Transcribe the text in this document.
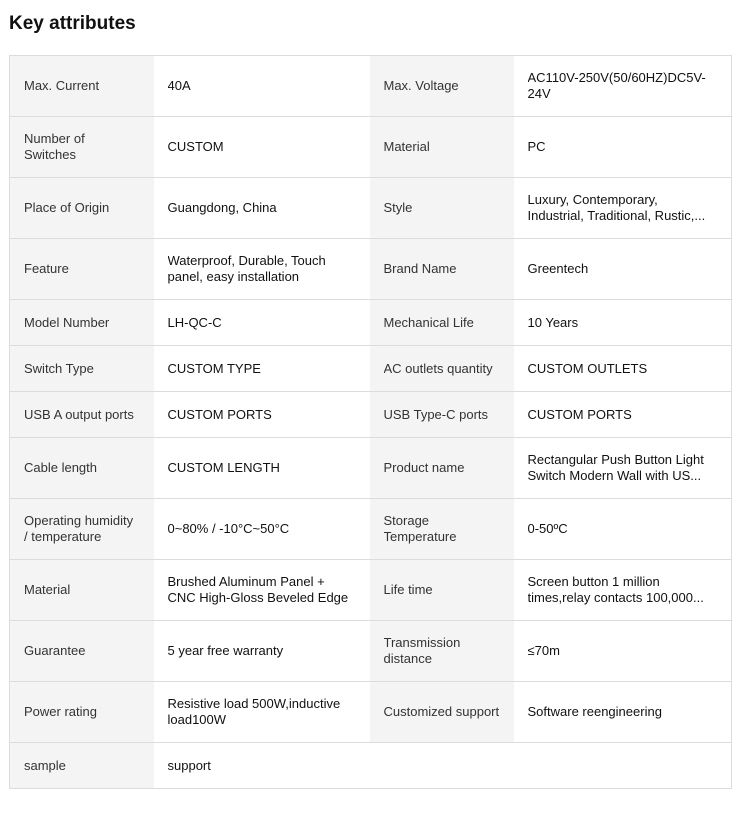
Key attributes
Max. Current	40A	Max. Voltage	AC110V-250V(50/60HZ)DC5V-24V

Number of Switches	CUSTOM	Material	PC

Place of Origin	Guangdong, China	Style	Luxury, Contemporary, Industrial, Traditional, Rustic,...

Feature	Waterproof, Durable, Touch panel, easy installation	Brand Name	Greentech

Model Number	LH-QC-C	Mechanical Life	10 Years

Switch Type	CUSTOM TYPE	AC outlets quantity	CUSTOM OUTLETS

USB A output ports	CUSTOM PORTS	USB Type-C ports	CUSTOM PORTS

Cable length	CUSTOM LENGTH	Product name	Rectangular Push Button Light Switch Modern Wall with US...

Operating humidity / temperature	0~80% / -10°C~50°C	Storage Temperature	0-50ºC

Material	Brushed Aluminum Panel + CNC High-Gloss Beveled Edge	Life time	Screen button 1 million times,relay contacts 100,000...

Guarantee	5 year free warranty	Transmission distance	≤70m

Power rating	Resistive load 500W,inductive load100W	Customized support	Software reengineering

sample	support		
